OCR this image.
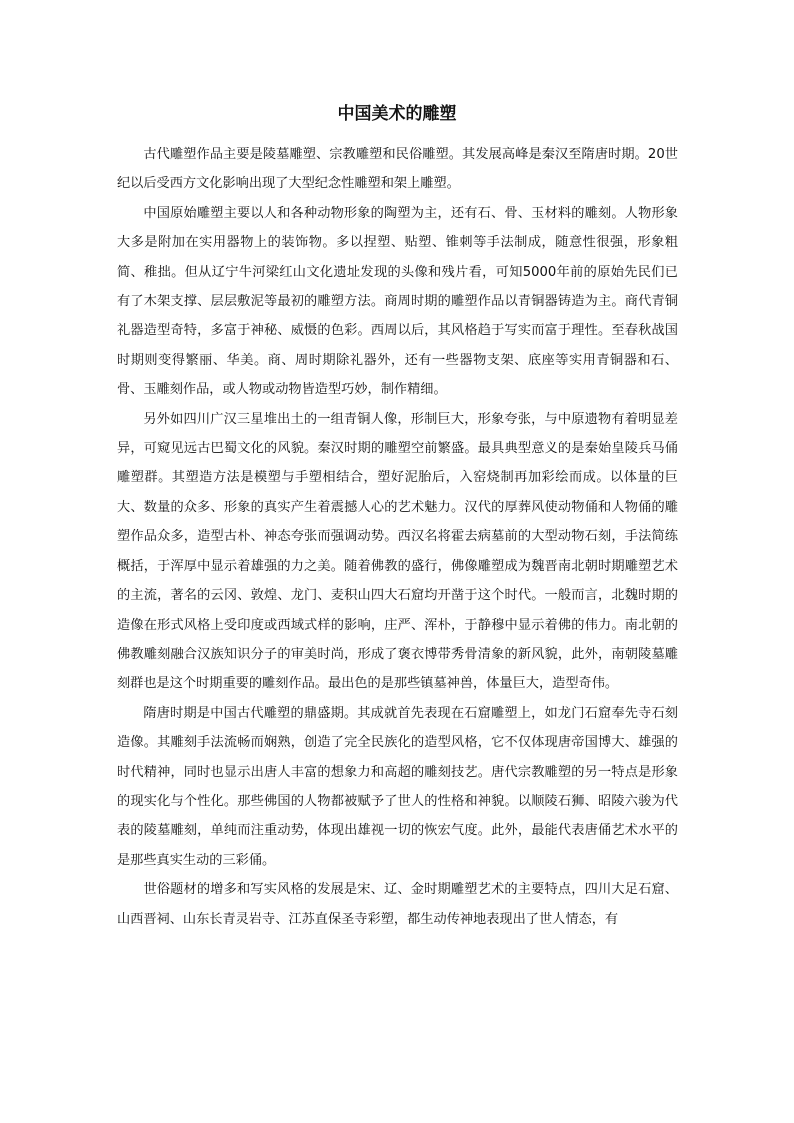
中国美术的雕塑

古代雕塑作品主要是陵墓雕塑、宗教雕塑和民俗雕塑。其发展高峰是秦汉至隋唐时期。20世纪以后受西方文化影响出现了大型纪念性雕塑和架上雕塑。

中国原始雕塑主要以人和各种动物形象的陶塑为主，还有石、骨、玉材料的雕刻。人物形象大多是附加在实用器物上的装饰物。多以捏塑、贴塑、锥刺等手法制成，随意性很强，形象粗简、稚拙。但从辽宁牛河梁红山文化遗址发现的头像和残片看，可知5000年前的原始先民们已有了木架支撑、层层敷泥等最初的雕塑方法。商周时期的雕塑作品以青铜器铸造为主。商代青铜礼器造型奇特，多富于神秘、威慑的色彩。西周以后，其风格趋于写实而富于理性。至春秋战国时期则变得繁丽、华美。商、周时期除礼器外，还有一些器物支架、底座等实用青铜器和石、骨、玉雕刻作品，或人物或动物皆造型巧妙，制作精细。

另外如四川广汉三星堆出土的一组青铜人像，形制巨大，形象夸张，与中原遗物有着明显差异，可窥见远古巴蜀文化的风貌。秦汉时期的雕塑空前繁盛。最具典型意义的是秦始皇陵兵马俑雕塑群。其塑造方法是模塑与手塑相结合，塑好泥胎后，入窑烧制再加彩绘而成。以体量的巨大、数量的众多、形象的真实产生着震撼人心的艺术魅力。汉代的厚葬风使动物俑和人物俑的雕塑作品众多，造型古朴、神态夸张而强调动势。西汉名将霍去病墓前的大型动物石刻，手法简练概括，于浑厚中显示着雄强的力之美。随着佛教的盛行，佛像雕塑成为魏晋南北朝时期雕塑艺术的主流，著名的云冈、敦煌、龙门、麦积山四大石窟均开凿于这个时代。一般而言，北魏时期的造像在形式风格上受印度或西域式样的影响，庄严、浑朴，于静穆中显示着佛的伟力。南北朝的佛教雕刻融合汉族知识分子的审美时尚，形成了褒衣博带秀骨清象的新风貌，此外，南朝陵墓雕刻群也是这个时期重要的雕刻作品。最出色的是那些镇墓神兽，体量巨大，造型奇伟。

隋唐时期是中国古代雕塑的鼎盛期。其成就首先表现在石窟雕塑上，如龙门石窟奉先寺石刻造像。其雕刻手法流畅而娴熟，创造了完全民族化的造型风格，它不仅体现唐帝国博大、雄强的时代精神，同时也显示出唐人丰富的想象力和高超的雕刻技艺。唐代宗教雕塑的另一特点是形象的现实化与个性化。那些佛国的人物都被赋予了世人的性格和神貌。以顺陵石狮、昭陵六骏为代表的陵墓雕刻，单纯而注重动势，体现出雄视一切的恢宏气度。此外，最能代表唐俑艺术水平的是那些真实生动的三彩俑。

世俗题材的增多和写实风格的发展是宋、辽、金时期雕塑艺术的主要特点，四川大足石窟、山西晋祠、山东长青灵岩寺、江苏直保圣寺彩塑，都生动传神地表现出了世人情态，有
